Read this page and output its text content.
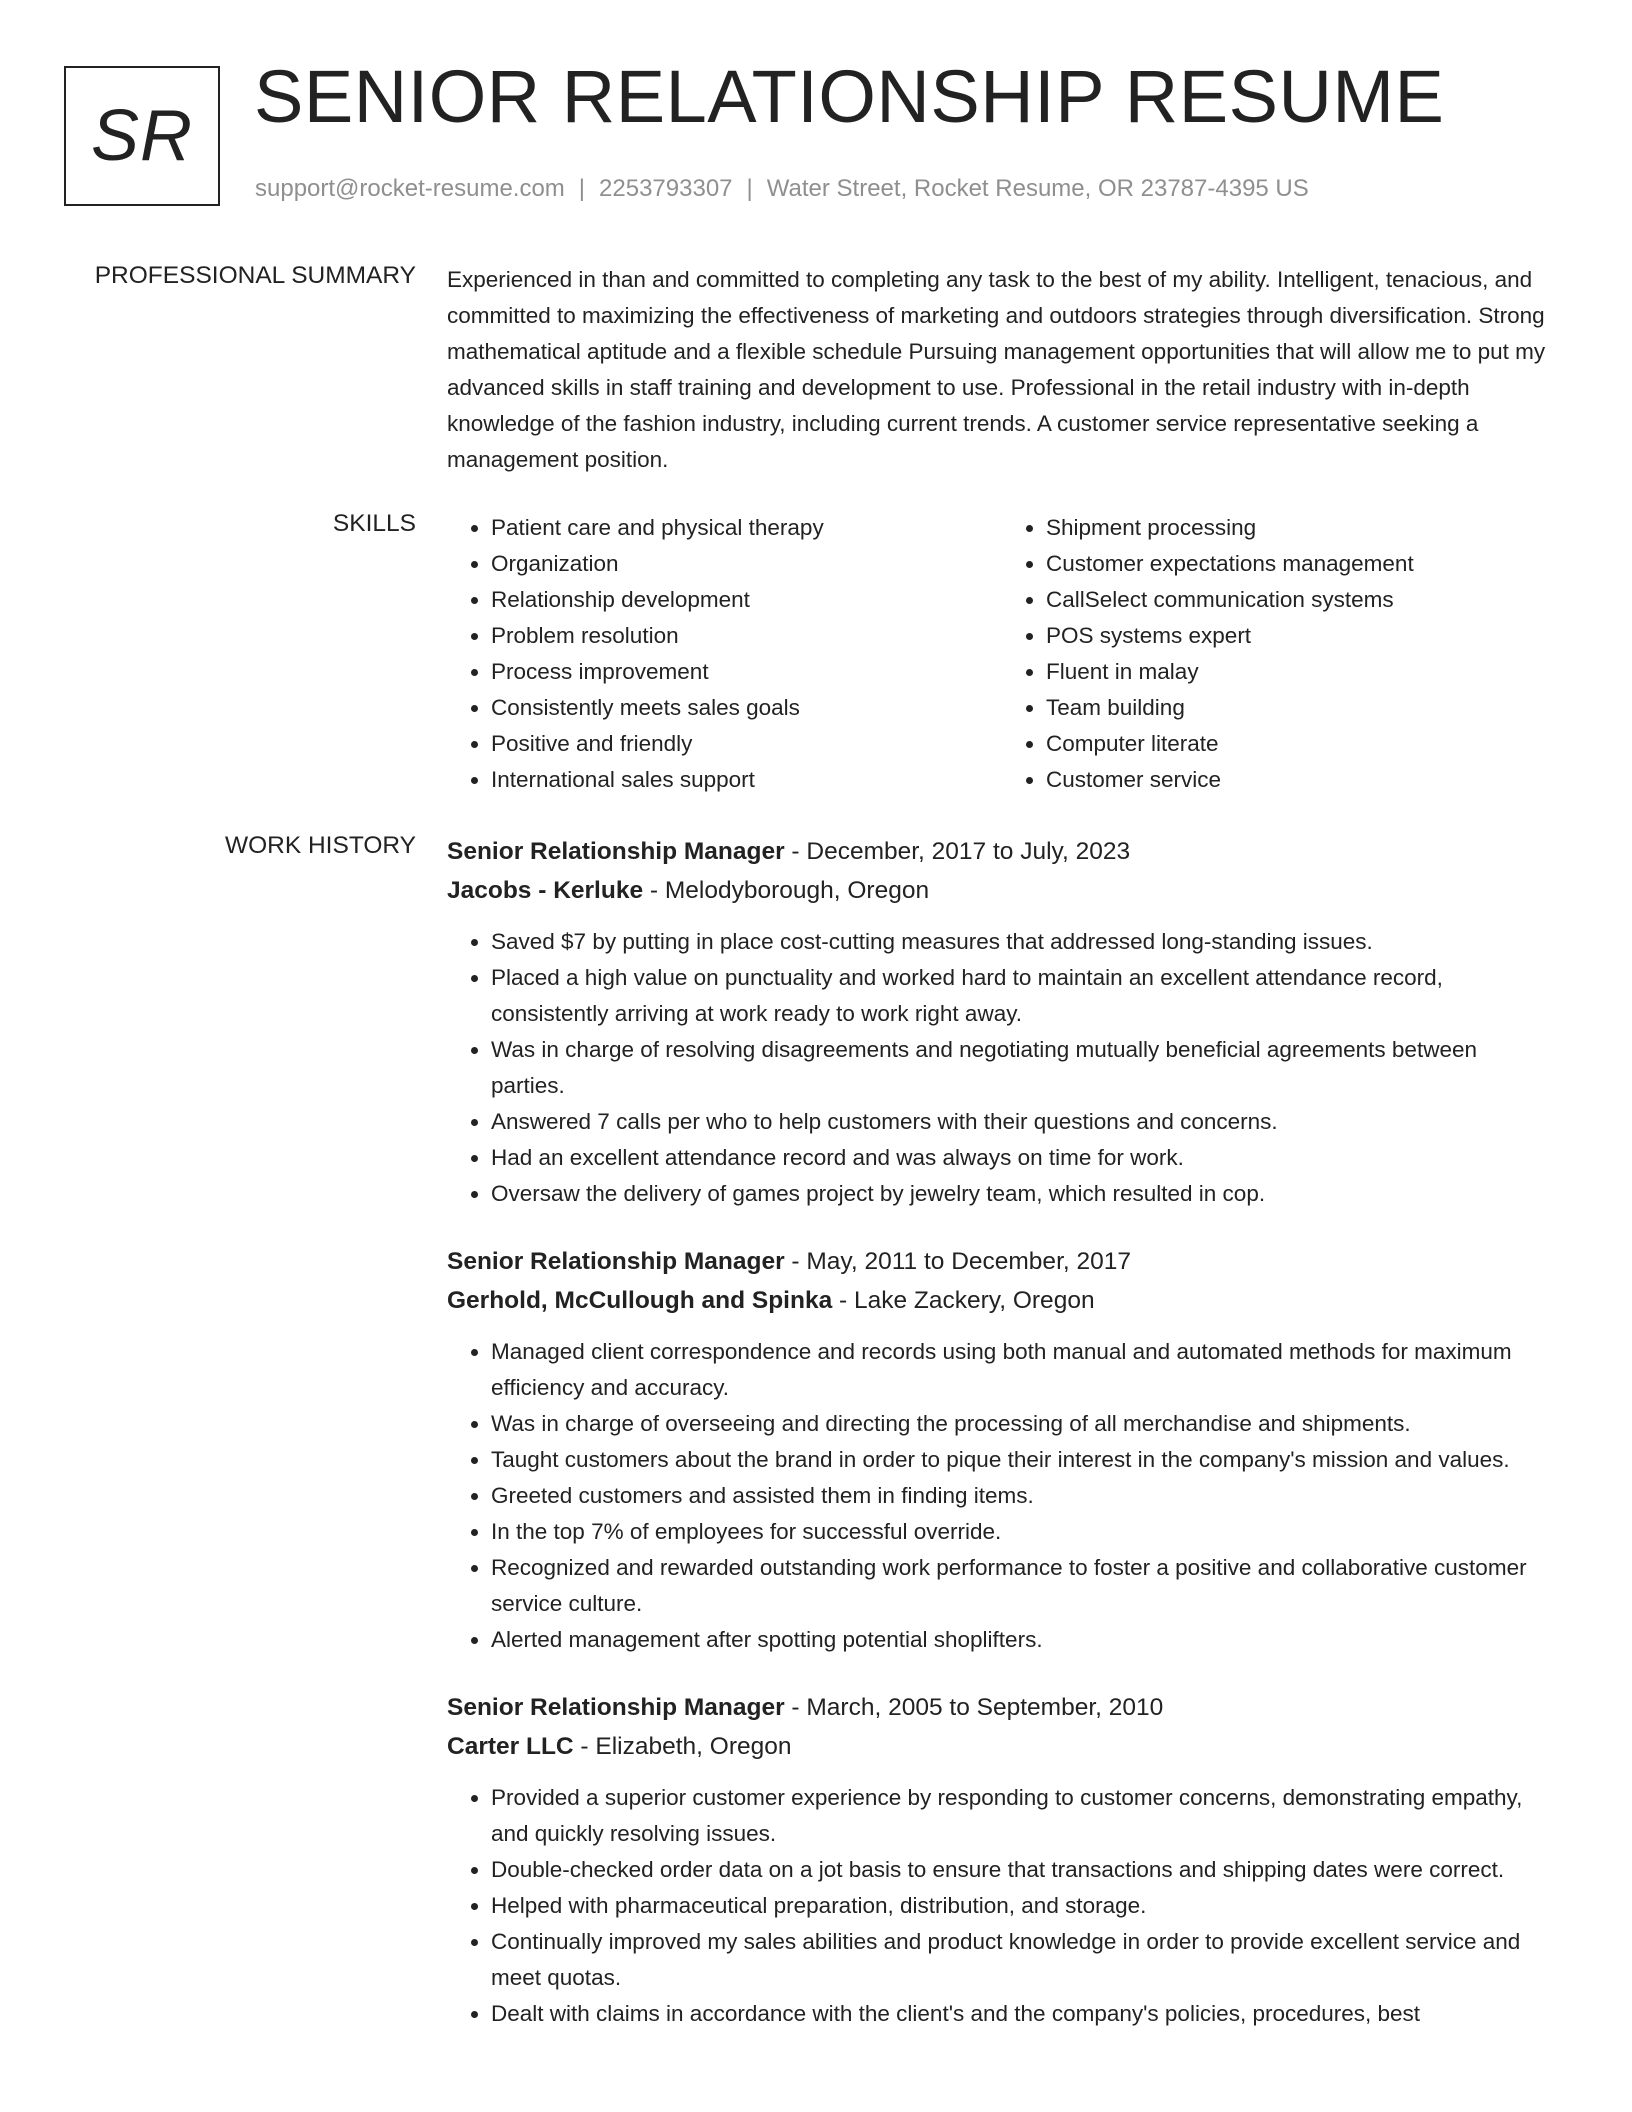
SR SENIOR RELATIONSHIP RESUME
support@rocket-resume.com | 2253793307 | Water Street, Rocket Resume, OR 23787-4395 US
PROFESSIONAL SUMMARY Experienced in than and committed to completing any task to the best of my ability. Intelligent, tenacious, and committed to maximizing the effectiveness of marketing and outdoors strategies through diversification. Strong mathematical aptitude and a flexible schedule Pursuing management opportunities that will allow me to put my advanced skills in staff training and development to use. Professional in the retail industry with in-depth knowledge of the fashion industry, including current trends. A customer service representative seeking a management position.

SKILLS
•	Patient care and physical therapy
• Organization
• Relationship development
• Problem resolution
• Process improvement
• Consistently meets sales goals
• Positive and friendly
• International sales support
• Shipment processing
• Customer expectations management
• CallSelect communication systems
• POS systems expert
• Fluent in malay
• Team building
• Computer literate
• Customer service
WORK HISTORY Senior Relationship Manager - December, 2017 to July, 2023
Jacobs - Kerluke - Melodyborough, Oregon
• Saved $7 by putting in place cost-cutting measures that addressed long-standing issues.
• Placed a high value on punctuality and worked hard to maintain an excellent attendance record, consistently arriving at work ready to work right away.
• Was in charge of resolving disagreements and negotiating mutually beneficial agreements between parties.
• Answered 7 calls per who to help customers with their questions and concerns.
• Had an excellent attendance record and was always on time for work.
• Oversaw the delivery of games project by jewelry team, which resulted in cop.
Senior Relationship Manager - May, 2011 to December, 2017
Gerhold, McCullough and Spinka - Lake Zackery, Oregon
• Managed client correspondence and records using both manual and automated methods for maximum efficiency and accuracy.
• Was in charge of overseeing and directing the processing of all merchandise and shipments.
• Taught customers about the brand in order to pique their interest in the company's mission and values.
• Greeted customers and assisted them in finding items.
• In the top 7% of employees for successful override.
• Recognized and rewarded outstanding work performance to foster a positive and collaborative customer service culture.
• Alerted management after spotting potential shoplifters.
Senior Relationship Manager - March, 2005 to September, 2010
Carter LLC - Elizabeth, Oregon
• Provided a superior customer experience by responding to customer concerns, demonstrating empathy, and quickly resolving issues.
• Double-checked order data on a jot basis to ensure that transactions and shipping dates were correct.
• Helped with pharmaceutical preparation, distribution, and storage.
• Continually improved my sales abilities and product knowledge in order to provide excellent service and meet quotas.
• Dealt with claims in accordance with the client's and the company's policies, procedures, best
